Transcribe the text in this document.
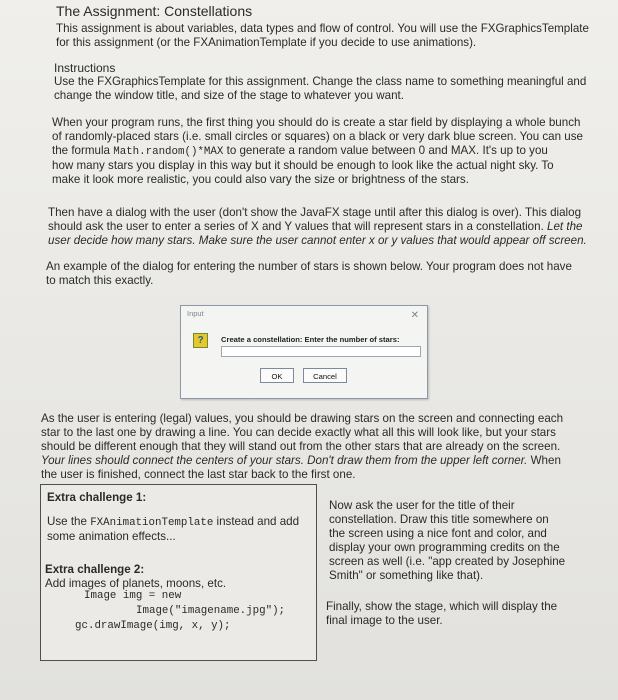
The Assignment: Constellations
This assignment is about variables, data types and flow of control. You will use the FXGraphicsTemplate
for this assignment (or the FXAnimationTemplate if you decide to use animations).
Instructions
Use the FXGraphicsTemplate for this assignment. Change the class name to something meaningful and
change the window title, and size of the stage to whatever you want.
When your program runs, the first thing you should do is create a star field by displaying a whole bunch
of randomly-placed stars (i.e. small circles or squares) on a black or very dark blue screen. You can use
the formula Math.random()*MAX to generate a random value between 0 and MAX. It's up to you
how many stars you display in this way but it should be enough to look like the actual night sky. To
make it look more realistic, you could also vary the size or brightness of the stars.
Then have a dialog with the user (don't show the JavaFX stage until after this dialog is over). This dialog
should ask the user to enter a series of X and Y values that will represent stars in a constellation. Let the
user decide how many stars. Make sure the user cannot enter x or y values that would appear off screen.
An example of the dialog for entering the number of stars is shown below. Your program does not have
to match this exactly.
Input	✕
?	Create a constellation: Enter the number of stars:
OK	Cancel
As the user is entering (legal) values, you should be drawing stars on the screen and connecting each
star to the last one by drawing a line. You can decide exactly what all this will look like, but your stars
should be different enough that they will stand out from the other stars that are already on the screen.
Your lines should connect the centers of your stars. Don't draw them from the upper left corner. When
the user is finished, connect the last star back to the first one.
Extra challenge 1:
Use the FXAnimationTemplate instead and add
some animation effects...
Extra challenge 2:
Add images of planets, moons, etc.
Image img = new
Image("imagename.jpg");
gc.drawImage(img, x, y);
Now ask the user for the title of their
constellation. Draw this title somewhere on
the screen using a nice font and color, and
display your own programming credits on the
screen as well (i.e. "app created by Josephine
Smith" or something like that).
Finally, show the stage, which will display the
final image to the user.
